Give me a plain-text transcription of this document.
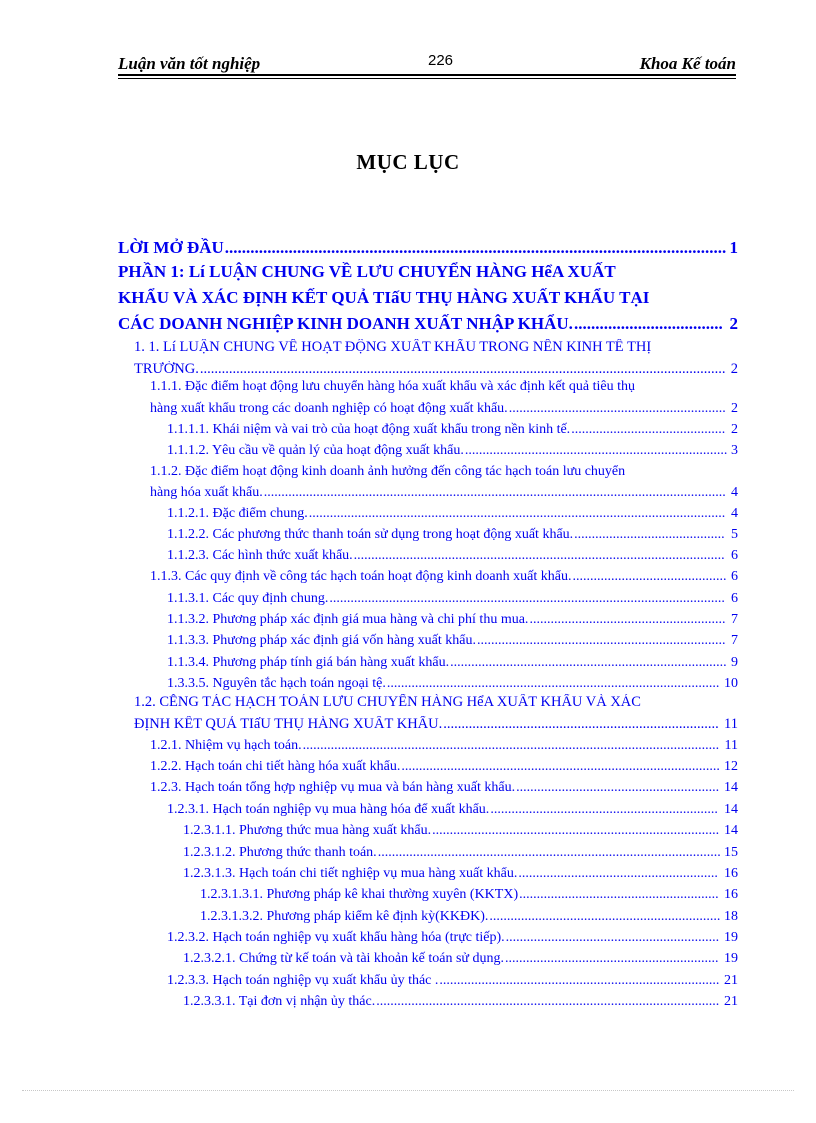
Luận văn tốt nghiệp	226	Khoa Kế toán
MỤC LỤC
LỜI MỞ ĐẦU ...................................................................................................................... 1
PHẦN 1: Lí LUẬN CHUNG VỀ LƯU CHUYỂN HÀNG HểA XUẤT
KHẨU VÀ XÁC ĐỊNH KẾT QUẢ TIấU THỤ HÀNG XUẤT KHẨU TẠI
CÁC DOANH NGHIỆP KINH DOANH XUẤT NHẬP KHẨU. ................................... 2
1. 1. Lí LUẬN CHUNG VỀ HOẠT ĐỘNG XUẤT KHẨU TRONG NỀN KINH TẾ THỊ
TRƯỜNG. ................................................................................................................................................. 2
1.1.1. Đặc điểm hoạt động lưu chuyển hàng hóa xuất khẩu và xác định kết quả tiêu thụ
hàng xuất khẩu trong các doanh nghiệp có hoạt động xuất khẩu. .............................................................. 2
1.1.1.1. Khái niệm và vai trò của hoạt động xuất khẩu trong nền kinh tế. ............................................ 2
1.1.1.2. Yêu cầu về quản lý của hoạt động xuất khẩu. ........................................................................... 3
1.1.2. Đặc điểm hoạt động kinh doanh ảnh hưởng đến công tác hạch toán lưu chuyển
hàng hóa xuất khẩu. .................................................................................................................................... 4
1.1.2.1. Đặc điểm chung. ....................................................................................................................... 4
1.1.2.2. Các phương thức thanh toán sử dụng trong hoạt động xuất khẩu. ........................................... 5
1.1.2.3. Các hình thức xuất khẩu. .......................................................................................................... 6
1.1.3. Các quy định về công tác hạch toán hoạt động kinh doanh xuất khẩu. ............................................ 6
1.1.3.1. Các quy định chung. ................................................................................................................. 6
1.1.3.2. Phương pháp xác định giá mua hàng và chi phí thu mua. ........................................................ 7
1.1.3.3. Phương pháp xác định giá vốn hàng xuất khẩu. ....................................................................... 7
1.1.3.4. Phương pháp tính giá bán hàng xuất khẩu. ............................................................................... 9
1.3.3.5. Nguyên tắc hạch toán ngoại tệ. ............................................................................................... 10
1.2. CỄNG TÁC HẠCH TOÁN LƯU CHUYỂN HÀNG HểA XUẤT KHẨU VÀ XÁC
ĐỊNH KẾT QUẢ TIấU THỤ HÀNG XUẤT KHẨU. ............................................................................ 11
1.2.1. Nhiệm vụ hạch toán. ....................................................................................................................... 11
1.2.2. Hạch toán chi tiết hàng hóa xuất khẩu. ........................................................................................... 12
1.2.3. Hạch toán tổng hợp nghiệp vụ mua và bán hàng xuất khẩu. .......................................................... 14
1.2.3.1. Hạch toán nghiệp vụ mua hàng hóa để xuất khẩu. ................................................................. 14
1.2.3.1.1. Phương thức mua hàng xuất khẩu. .................................................................................. 14
1.2.3.1.2. Phương thức thanh toán. .................................................................................................. 15
1.2.3.1.3. Hạch toán chi tiết nghiệp vụ mua hàng xuất khẩu. ......................................................... 16
1.2.3.1.3.1. Phương pháp kê khai thường xuyên (KKTX) ......................................................... 16
1.2.3.1.3.2. Phương pháp kiểm kê định kỳ(KKĐK). .................................................................. 18
1.2.3.2. Hạch toán nghiệp vụ xuất khẩu hàng hóa (trực tiếp). ............................................................. 19
1.2.3.2.1. Chứng từ kế toán và tài khoản kế toán sử dụng. ............................................................. 19
1.2.3.3. Hạch toán nghiệp vụ xuất khẩu ủy thác . ................................................................................ 21
1.2.3.3.1. Tại đơn vị nhận ủy thác. .................................................................................................. 21
